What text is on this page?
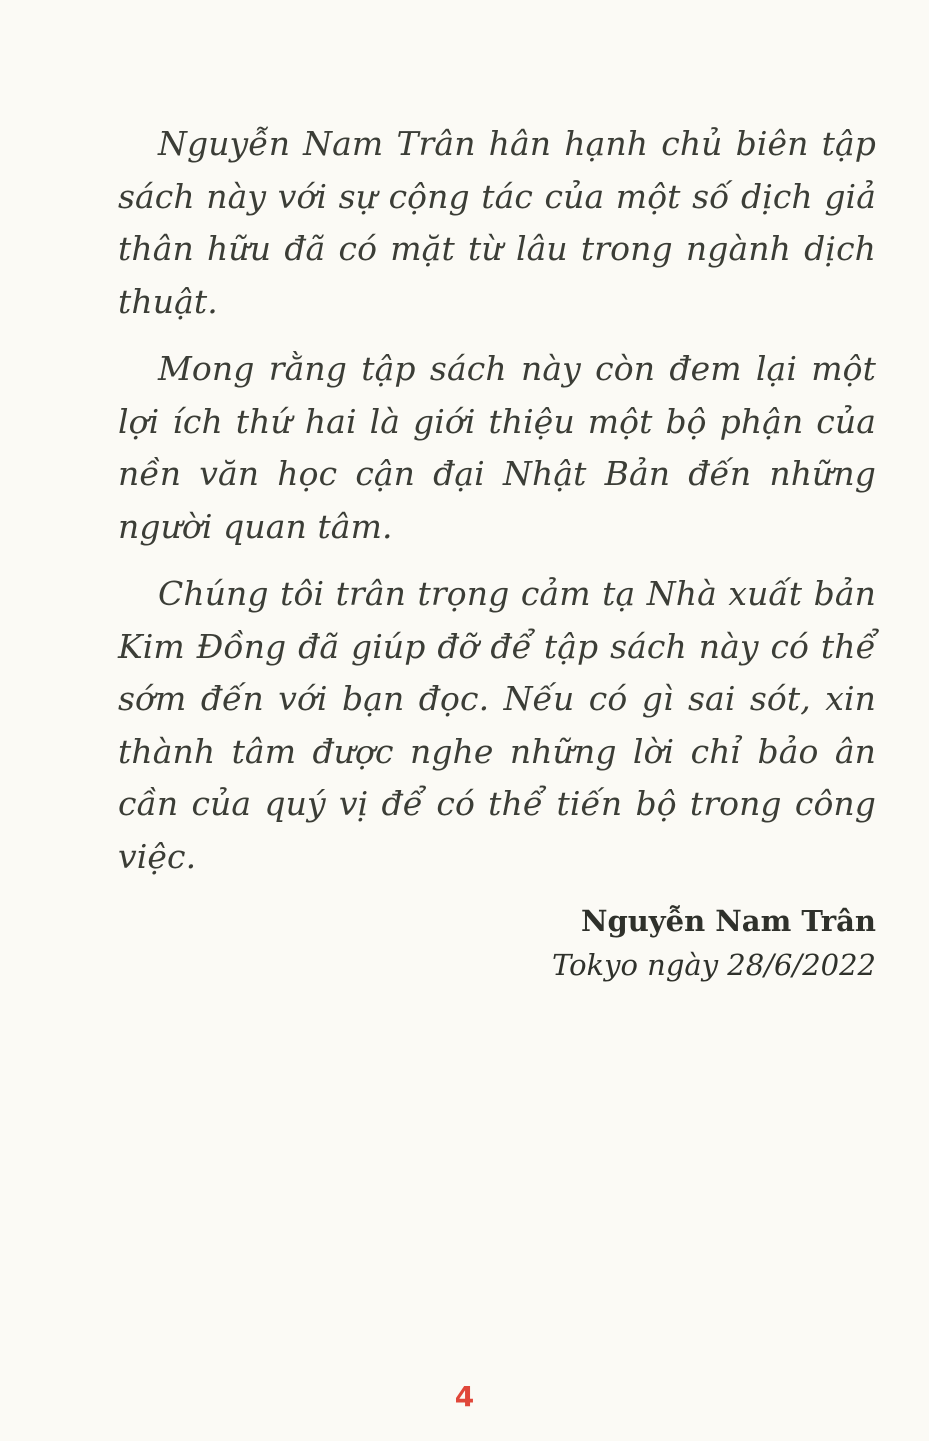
Nguyễn Nam Trân hân hạnh chủ biên tập sách này với sự cộng tác của một số dịch giả thân hữu đã có mặt từ lâu trong ngành dịch thuật.

Mong rằng tập sách này còn đem lại một lợi ích thứ hai là giới thiệu một bộ phận của nền văn học cận đại Nhật Bản đến những người quan tâm.

Chúng tôi trân trọng cảm tạ Nhà xuất bản Kim Đồng đã giúp đỡ để tập sách này có thể sớm đến với bạn đọc. Nếu có gì sai sót, xin thành tâm được nghe những lời chỉ bảo ân cần của quý vị để có thể tiến bộ trong công việc.

Nguyễn Nam Trân
Tokyo ngày 28/6/2022
4
